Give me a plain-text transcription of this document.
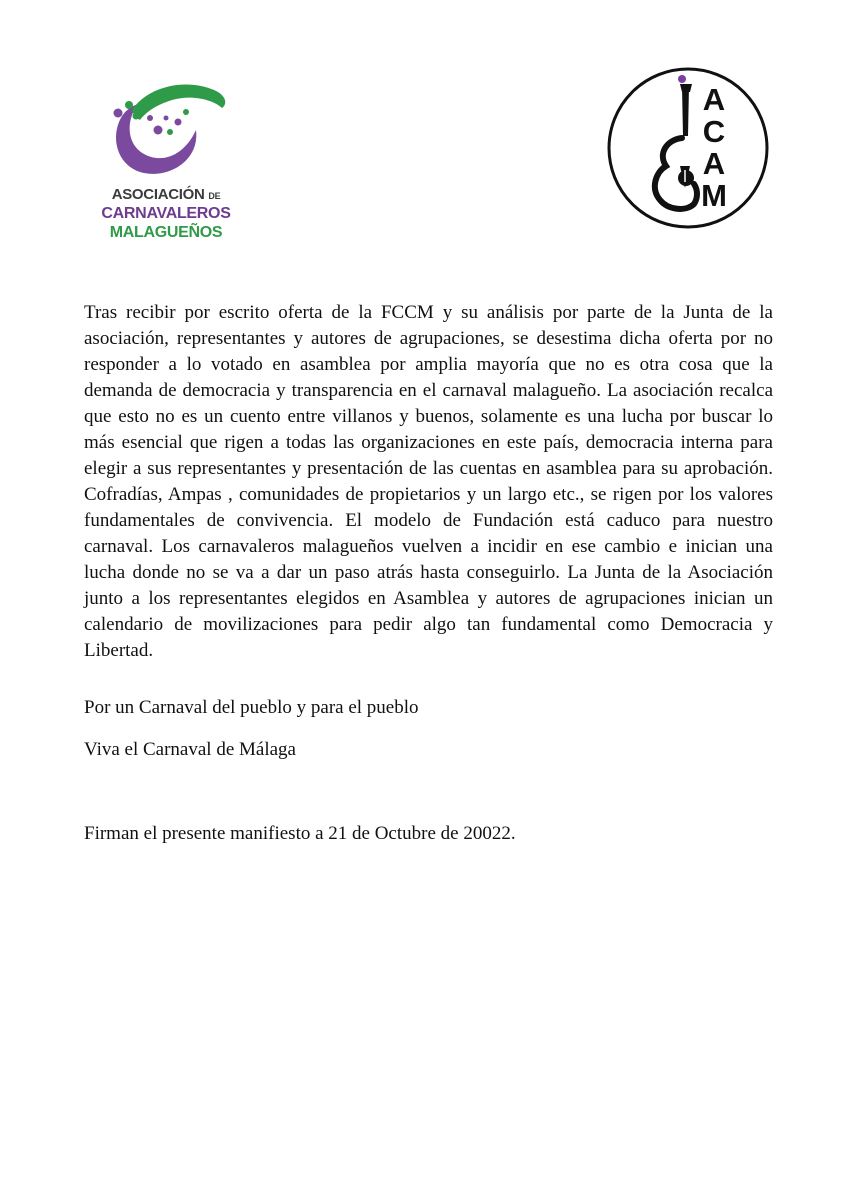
ASOCIACIÓN DE
CARNAVALEROS
MALAGUEÑOS
A
C
A
M

Tras recibir por escrito oferta de la FCCM y su análisis por parte de la Junta de la asociación, representantes y autores de agrupaciones, se desestima dicha oferta por no responder a lo votado en asamblea por amplia mayoría que no es otra cosa que la demanda de democracia y transparencia en el carnaval malagueño. La asociación recalca que esto no es un cuento entre villanos y buenos, solamente es una lucha por buscar lo más esencial que rigen a todas las organizaciones en este país, democracia interna para elegir a sus representantes y presentación de las cuentas en asamblea para su aprobación. Cofradías, Ampas , comunidades de propietarios y un largo etc., se rigen por los valores fundamentales de convivencia. El modelo de Fundación está caduco para nuestro carnaval. Los carnavaleros malagueños vuelven a incidir en ese cambio e inician una lucha donde no se va a dar un paso atrás hasta conseguirlo. La Junta de la Asociación junto a los representantes elegidos en Asamblea y autores de agrupaciones inician un calendario de movilizaciones para pedir algo tan fundamental como Democracia y Libertad.

Por un Carnaval del pueblo y para el pueblo

Viva el Carnaval de Málaga

Firman el presente manifiesto a 21 de Octubre de 20022.
